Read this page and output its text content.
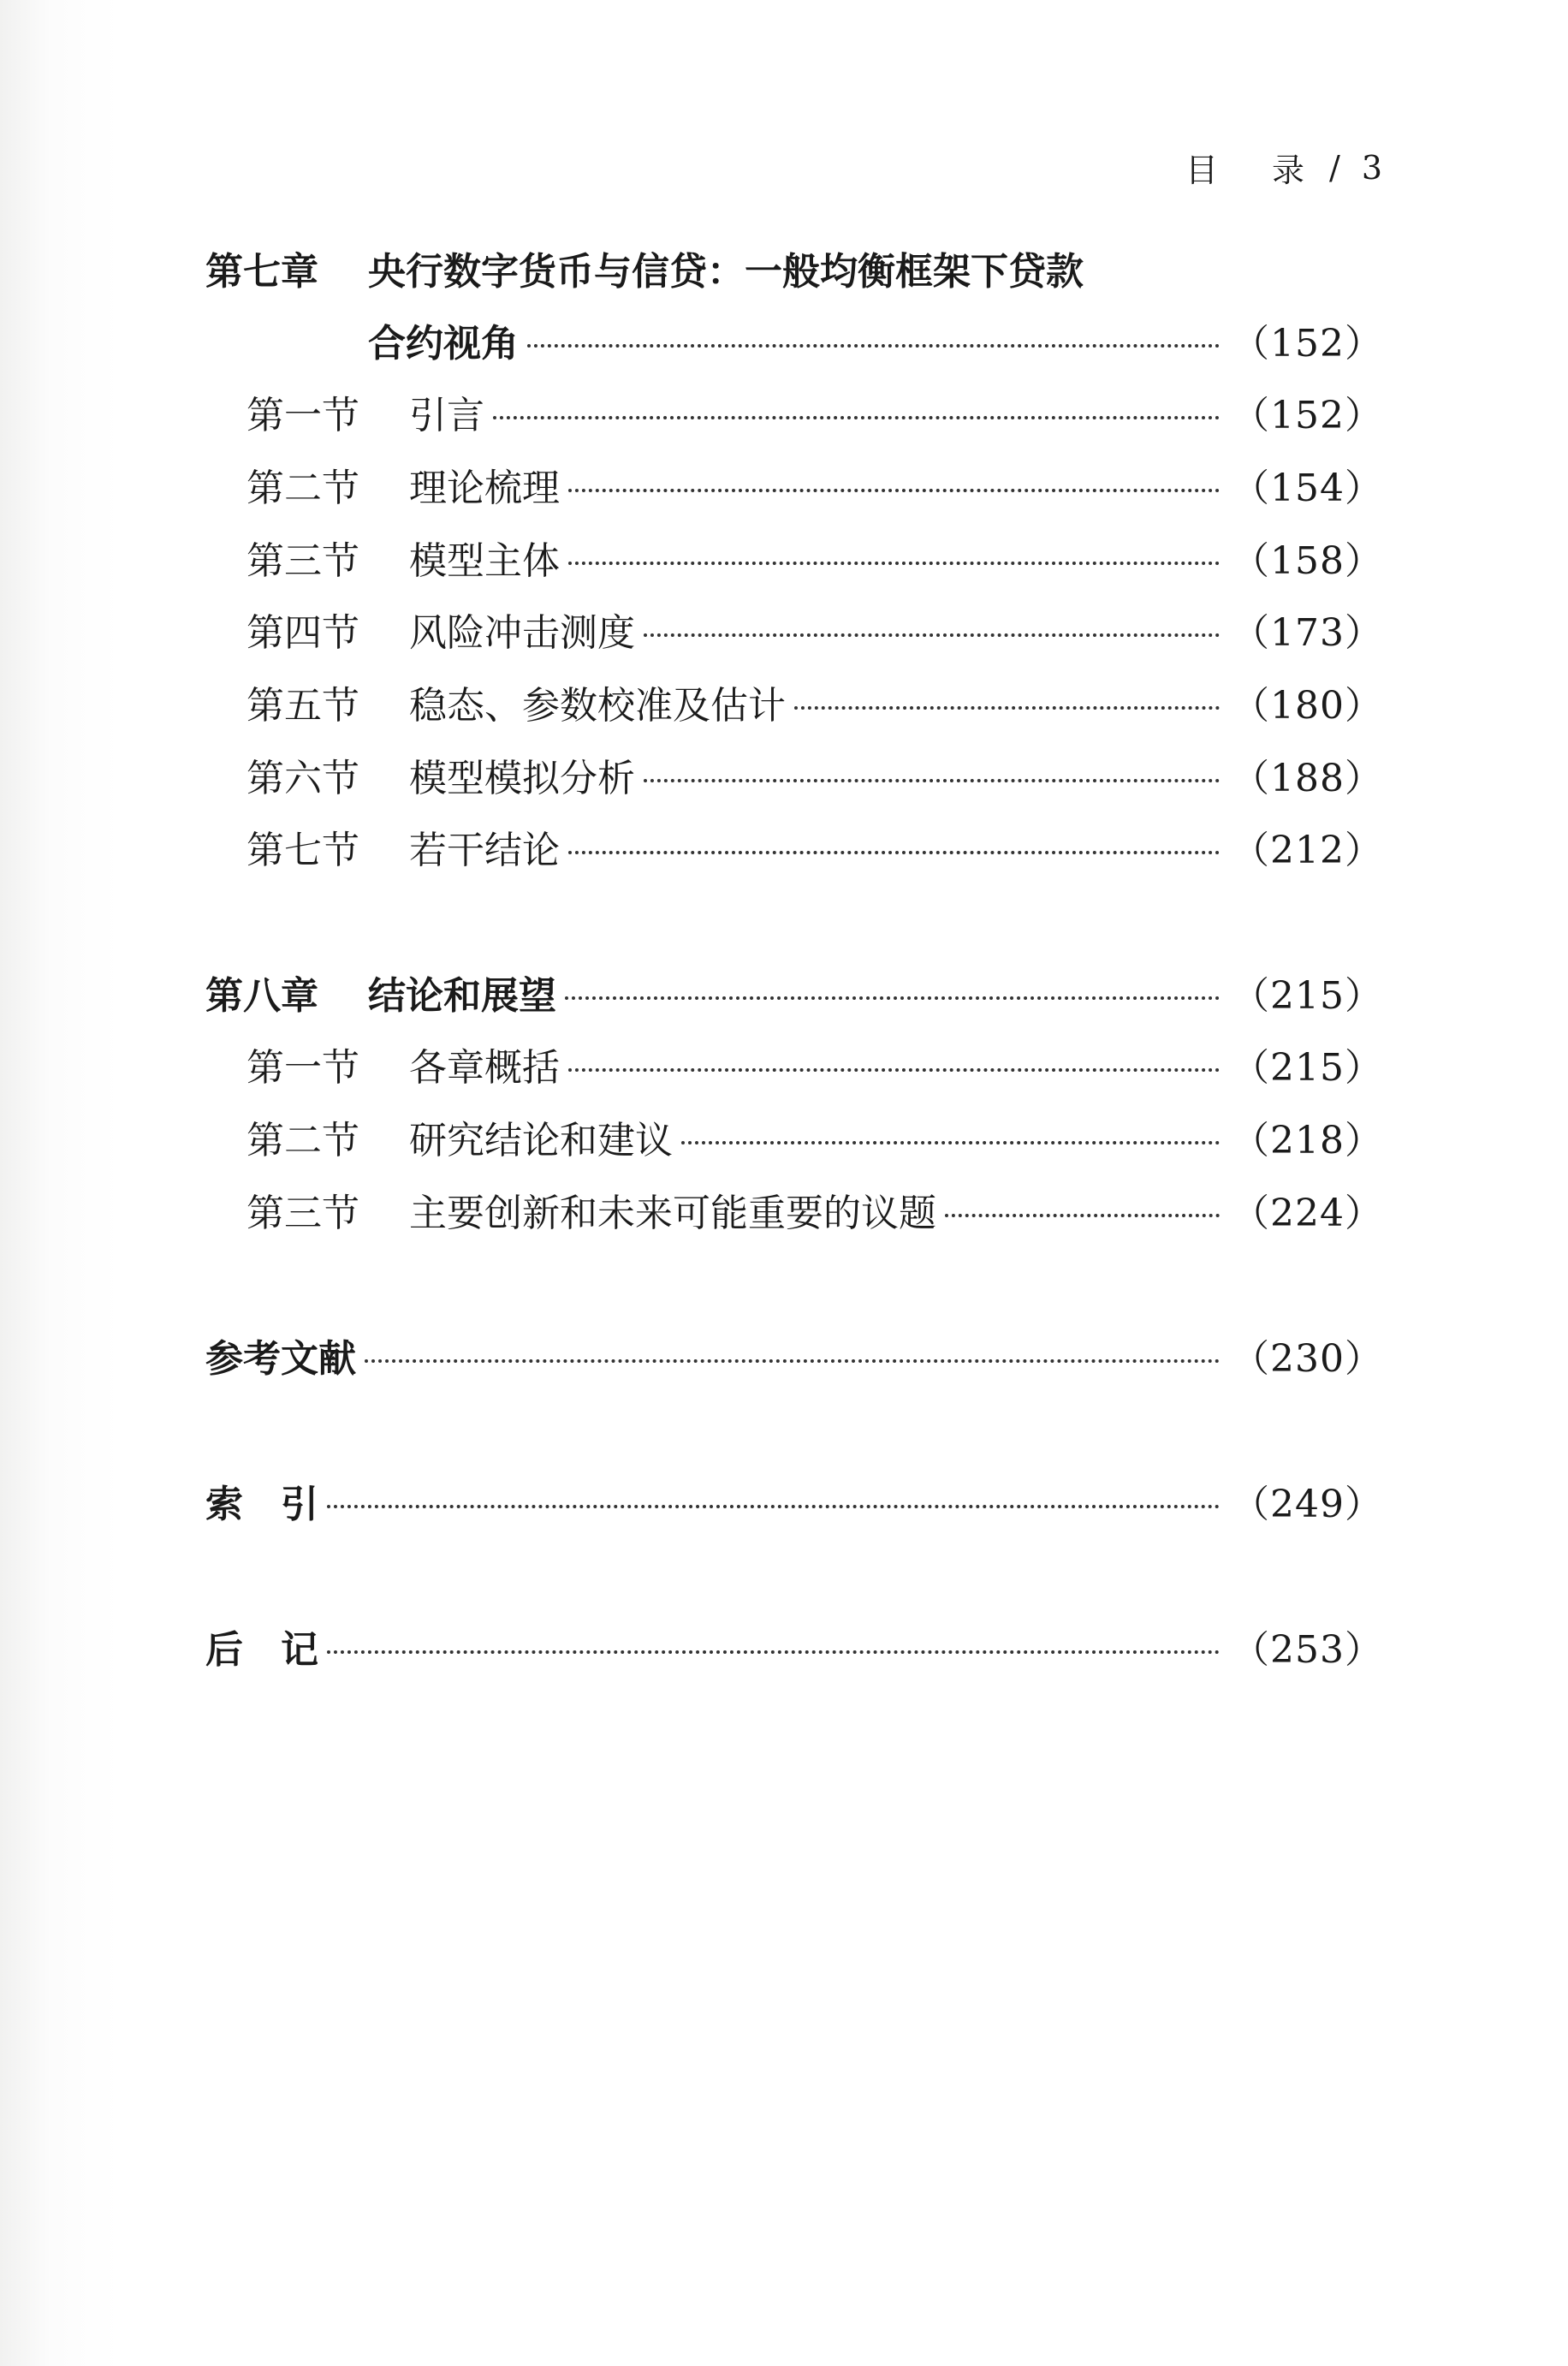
目 录 / 3
第七章	央行数字货币与信贷：一般均衡框架下贷款
合约视角	（152）
第一节	引言	（152）
第二节	理论梳理	（154）
第三节	模型主体	（158）
第四节	风险冲击测度	（173）
第五节	稳态、参数校准及估计	（180）
第六节	模型模拟分析	（188）
第七节	若干结论	（212）
第八章	结论和展望	（215）
第一节	各章概括	（215）
第二节	研究结论和建议	（218）
第三节	主要创新和未来可能重要的议题	（224）
参考文献	（230）
索　引	（249）
后　记	（253）
